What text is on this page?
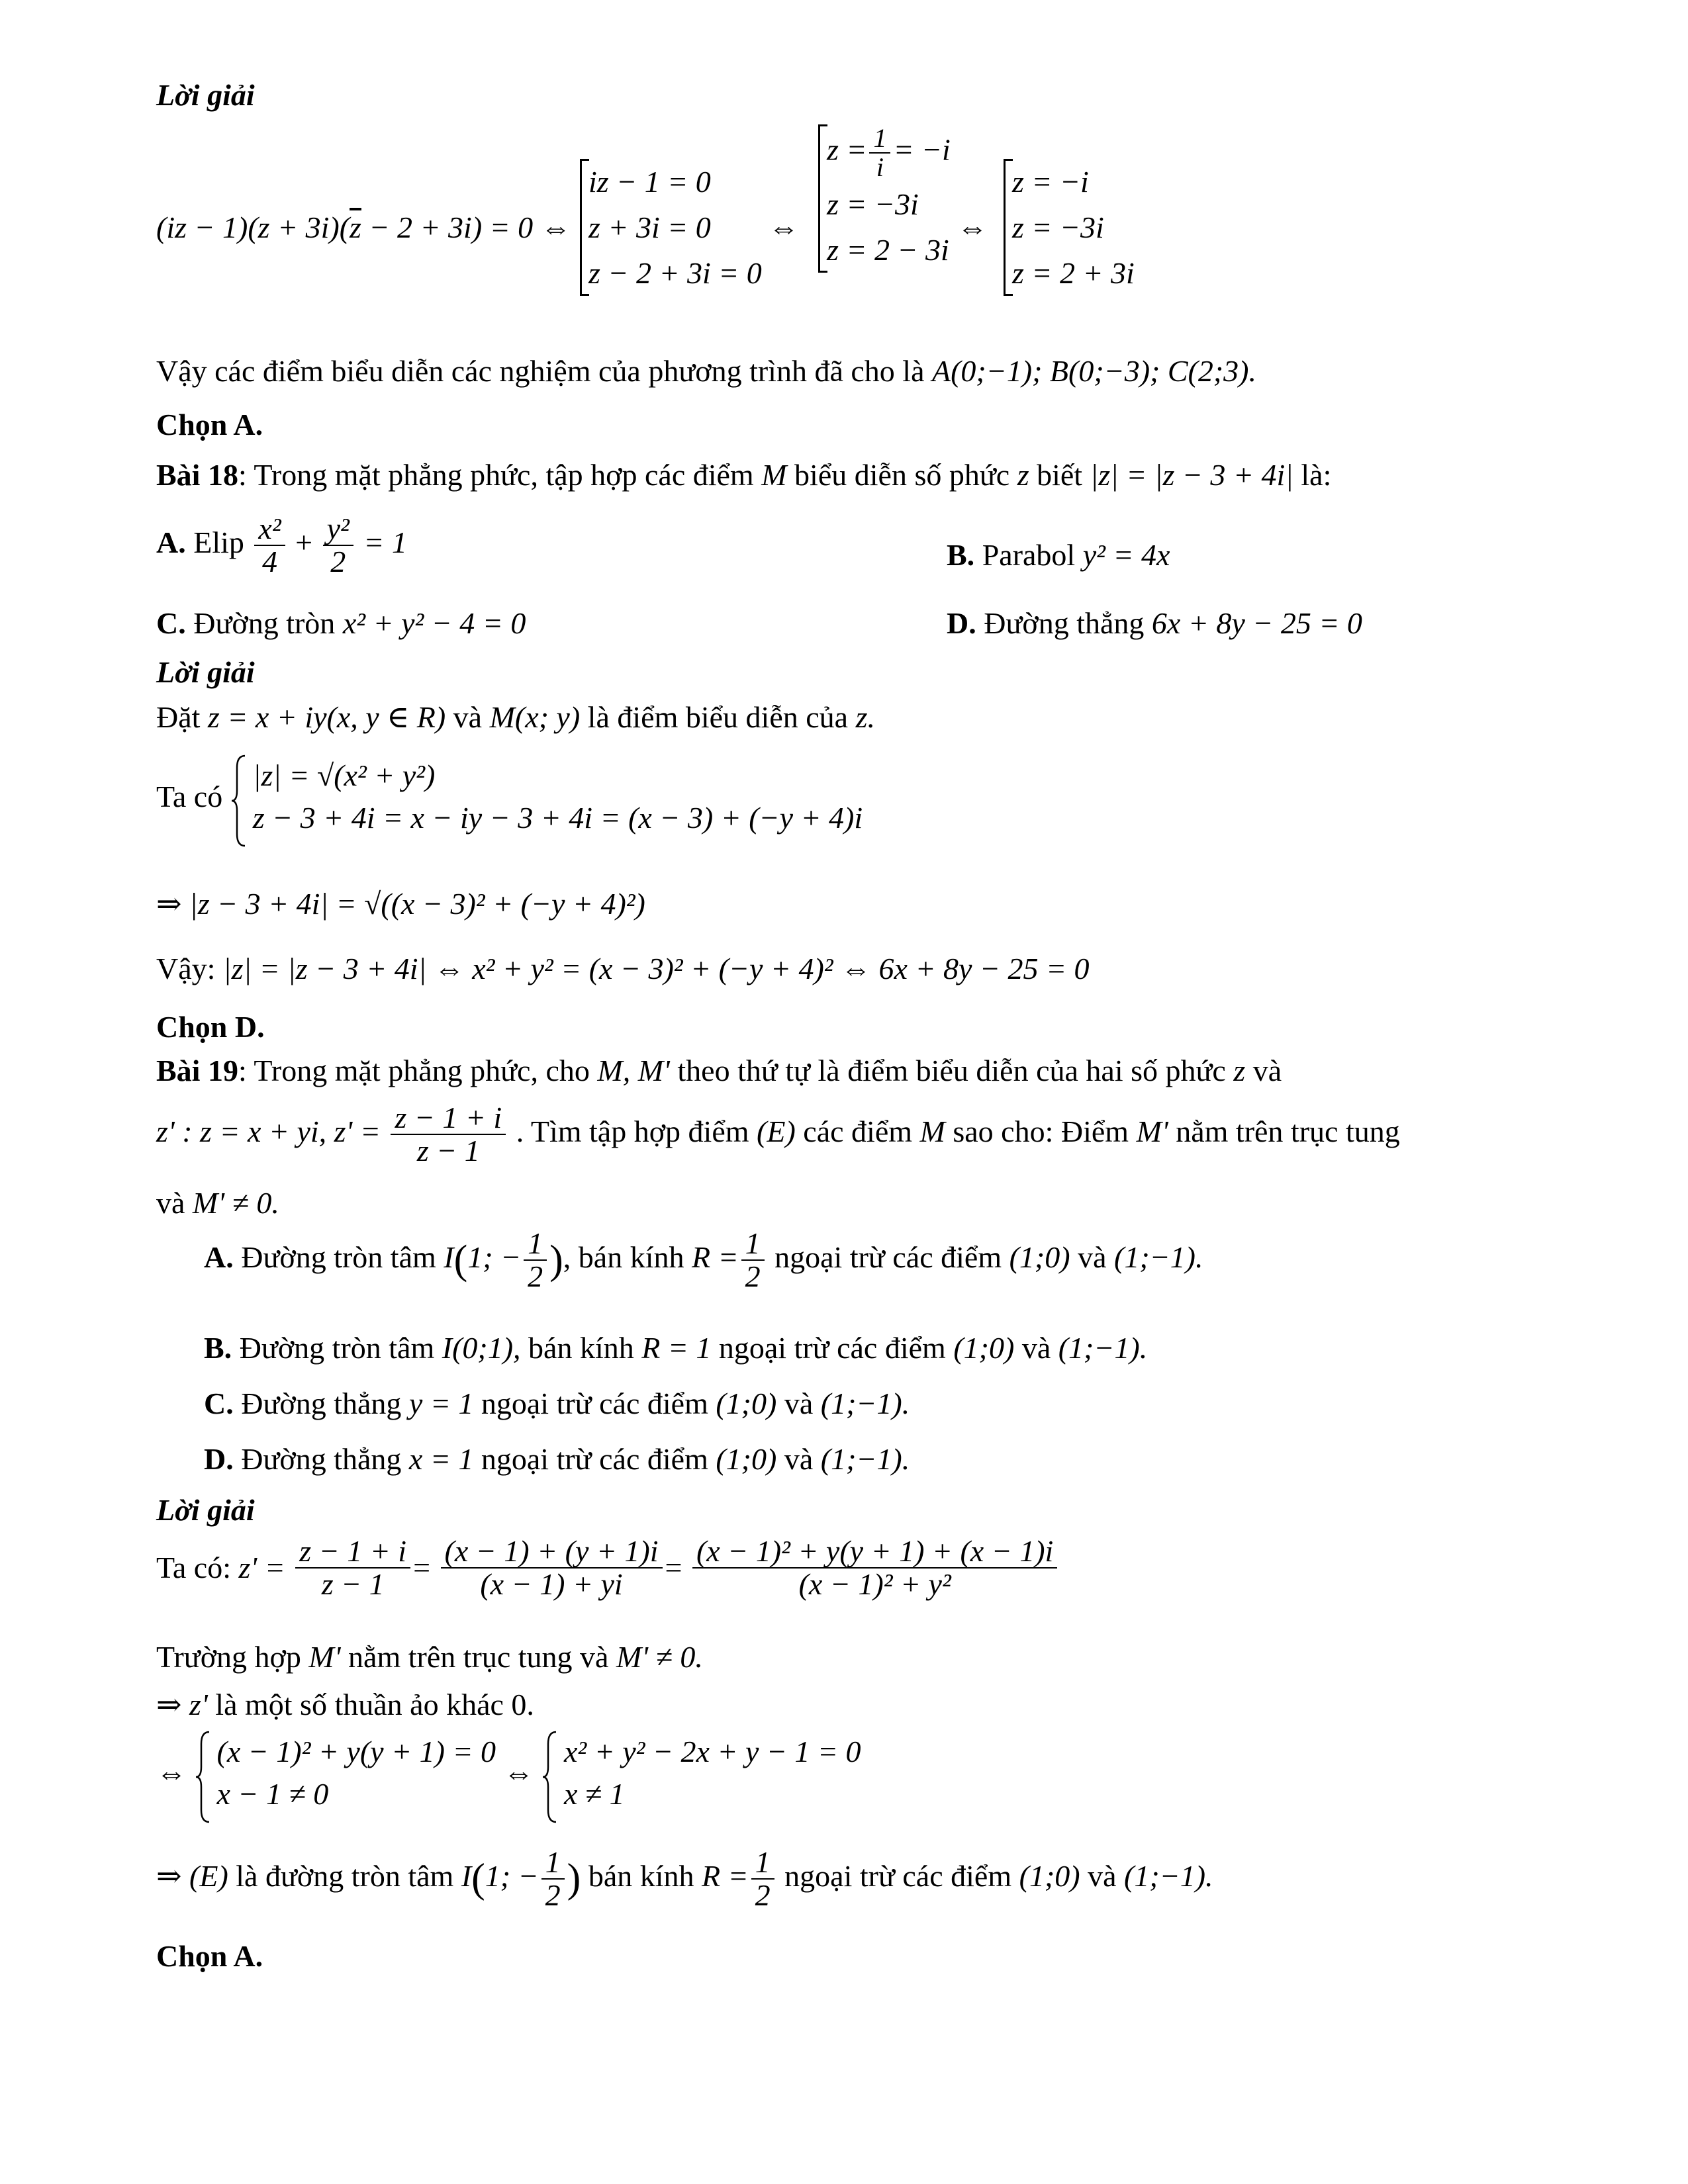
Lời giải
$(iz - 1)(z + 3i)(\overline{z} - 2 + 3i) = 0$ ⇔
iz − 1 = 0
z + 3i = 0
z − 2 + 3i = 0
⇔
$z = \frac{1}{i} = -i$
z = −3i
z = 2 − 3i
⇔
z = −i
z = −3i
z = 2 + 3i
Vậy các điểm biểu diễn các nghiệm của phương trình đã cho là A(0;−1); B(0;−3); C(2;3).
Chọn A.
Bài 18: Trong mặt phẳng phức, tập hợp các điểm M biểu diễn số phức z biết |z| = |z − 3 + 4i| là:
A. Elip $\frac{\text{x²}}{4} + \frac{\text{y²}}{2} = 1$	B. Parabol y² = 4x
C. Đường tròn x² + y² − 4 = 0	D. Đường thẳng 6x + 8y − 25 = 0
Lời giải
Đặt z = x + iy(x, y ∈ R) và M(x; y) là điểm biểu diễn của z.
Ta có
|z| = √(x² + y²)
z − 3 + 4i = x − iy − 3 + 4i = (x − 3) + (−y + 4)i
⇒ |z − 3 + 4i| = √((x − 3)² + (−y + 4)²)
Vậy: |z| = |z − 3 + 4i| ⇔ x² + y² = (x − 3)² + (−y + 4)² ⇔ 6x + 8y − 25 = 0
Chọn D.
Bài 19: Trong mặt phẳng phức, cho M, M' theo thứ tự là điểm biểu diễn của hai số phức z và
z' : z = x + yi, $z' = \frac{z - 1 + i}{z - 1}$ . Tìm tập hợp điểm (E) các điểm M sao cho: Điểm M' nằm trên trục tung
và M' ≠ 0.
A. Đường tròn tâm I(1; − $\frac{1}{2}$ ), bán kính $R = \frac{1}{2}$ ngoại trừ các điểm (1;0) và (1;−1).
B. Đường tròn tâm I(0;1), bán kính R = 1 ngoại trừ các điểm (1;0) và (1;−1).
C. Đường thẳng y = 1 ngoại trừ các điểm (1;0) và (1;−1).
D. Đường thẳng x = 1 ngoại trừ các điểm (1;0) và (1;−1).
Lời giải
Ta có: $z' = \frac{z - 1 + i}{z - 1} = \frac{(x - 1) + (y + 1)i}{(x - 1) + yi} = \frac{\text{(x − 1)² + y(y + 1) + (x − 1)i}}{\text{(x − 1)² + y²}}$
Trường hợp M' nằm trên trục tung và M' ≠ 0.
⇒ z' là một số thuần ảo khác 0.
⇔
(x − 1)² + y(y + 1) = 0
x − 1 ≠ 0
⇔
x² + y² − 2x + y − 1 = 0
x ≠ 1
⇒ (E) là đường tròn tâm I(1; − $\frac{1}{2}$ ) bán kính $R = \frac{1}{2}$ ngoại trừ các điểm (1;0) và (1;−1).
Chọn A.
